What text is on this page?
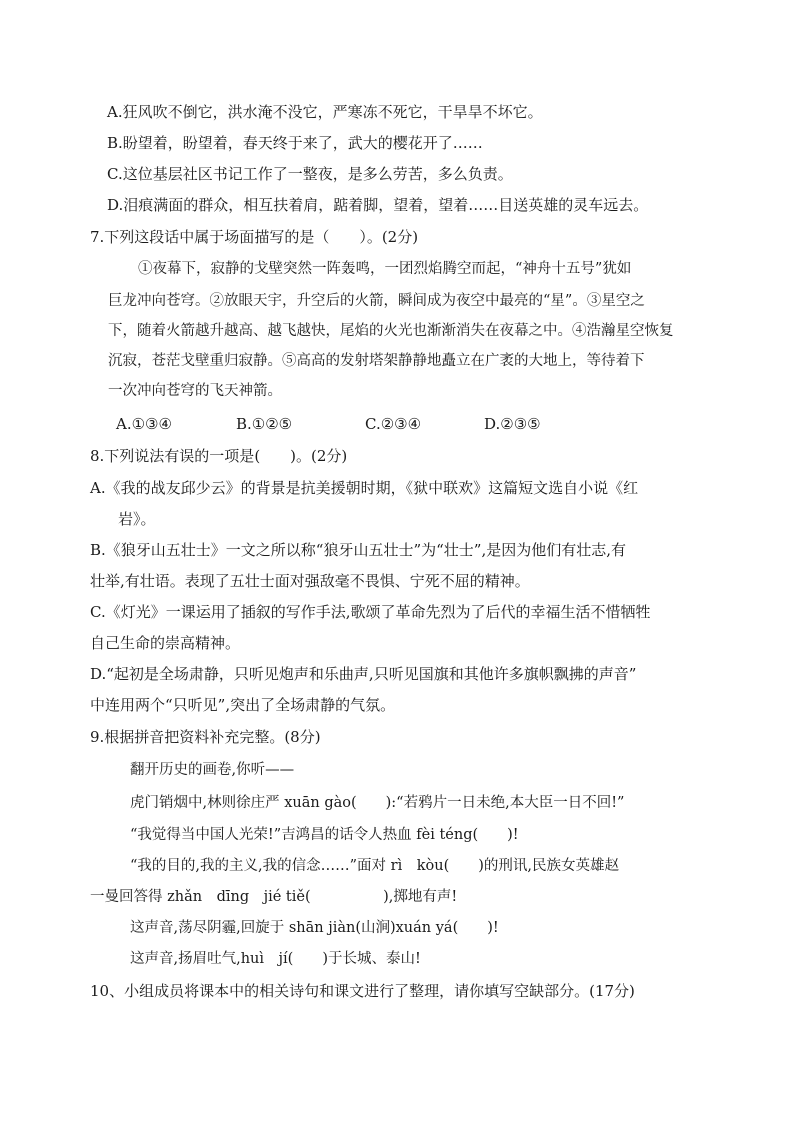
A.狂风吹不倒它，洪水淹不没它，严寒冻不死它，干旱旱不坏它。
B.盼望着，盼望着，春天终于来了，武大的樱花开了……
C.这位基层社区书记工作了一整夜，是多么劳苦，多么负责。
D.泪痕满面的群众，相互扶着肩，踮着脚，望着，望着……目送英雄的灵车远去。
7.下列这段话中属于场面描写的是（　　）。(2分)
①夜幕下，寂静的戈壁突然一阵轰鸣，一团烈焰腾空而起，“神舟十五号”犹如
巨龙冲向苍穹。②放眼天宇，升空后的火箭，瞬间成为夜空中最亮的“星”。③星空之
下，随着火箭越升越高、越飞越快，尾焰的火光也渐渐消失在夜幕之中。④浩瀚星空恢复
沉寂，苍茫戈壁重归寂静。⑤高高的发射塔架静静地矗立在广袤的大地上，等待着下
一次冲向苍穹的飞天神箭。
A.①③④	B.①②⑤	C.②③④	D.②③⑤
8.下列说法有误的一项是(　　)。(2分)
A.《我的战友邱少云》的背景是抗美援朝时期，《狱中联欢》这篇短文选自小说《红
岩》。
B.《狼牙山五壮士》一文之所以称“狼牙山五壮士”为“壮士”,是因为他们有壮志,有
壮举,有壮语。表现了五壮士面对强敌毫不畏惧、宁死不屈的精神。
C.《灯光》一课运用了插叙的写作手法,歌颂了革命先烈为了后代的幸福生活不惜牺牲
自己生命的崇高精神。
D.“起初是全场肃静，只听见炮声和乐曲声,只听见国旗和其他许多旗帜飘拂的声音”
中连用两个“只听见”,突出了全场肃静的气氛。
9.根据拼音把资料补充完整。(8分)
翻开历史的画卷,你听——
虎门销烟中,林则徐庄严 xuān gào(　　):“若鸦片一日未绝,本大臣一日不回!”
“我觉得当中国人光荣!”吉鸿昌的话令人热血 fèi téng(　　)!
“我的目的,我的主义,我的信念……”面对 rì　kòu(　　)的刑讯,民族女英雄赵
一曼回答得 zhǎn　dīng　jié tiě(　　　　　),掷地有声!
这声音,荡尽阴霾,回旋于 shān jiàn(山涧)xuán yá(　　)!
这声音,扬眉吐气,huì　jí(　　)于长城、泰山!
10、小组成员将课本中的相关诗句和课文进行了整理，请你填写空缺部分。(17分)
